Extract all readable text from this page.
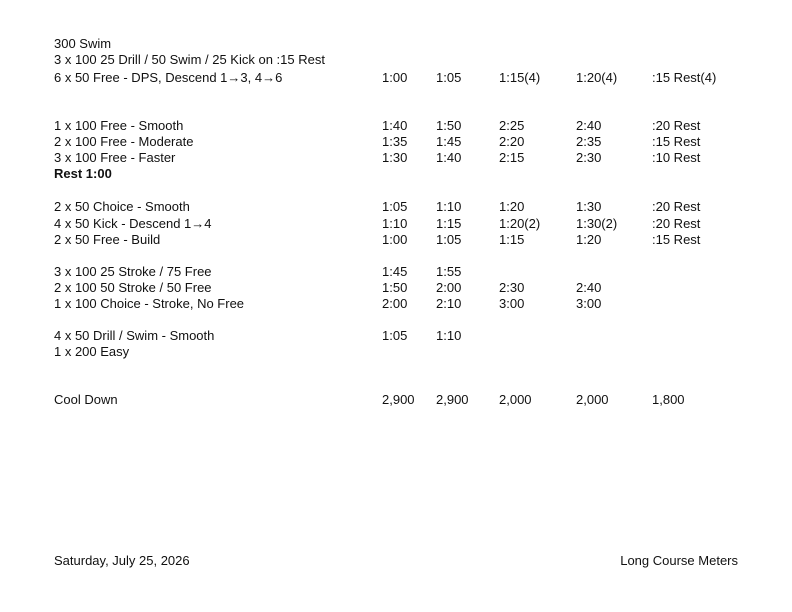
300 Swim
3 x 100 25 Drill / 50 Swim / 25 Kick on :15 Rest
6 x 50 Free - DPS, Descend 1→3, 4→6	1:00 1:05	1:15(4)	1:20(4)	:15 Rest(4)
1 x 100 Free - Smooth	1:40 1:50	2:25	2:40	:20 Rest
2 x 100 Free - Moderate	1:35 1:45	2:20	2:35	:15 Rest
3 x 100 Free - Faster	1:30 1:40	2:15	2:30	:10 Rest
Rest 1:00
2 x 50 Choice - Smooth	1:05 1:10	1:20	1:30	:20 Rest
4 x 50 Kick - Descend 1→4	1:10 1:15	1:20(2)	1:30(2)	:20 Rest
2 x 50 Free - Build	1:00 1:05	1:15	1:20	:15 Rest
3 x 100 25 Stroke / 75 Free	1:45 1:55
2 x 100 50 Stroke / 50 Free	1:50 2:00	2:30	2:40
1 x 100 Choice - Stroke, No Free	2:00 2:10	3:00	3:00
4 x 50 Drill / Swim - Smooth	1:05 1:10
1 x 200 Easy
Cool Down	2,900 2,900 2,000	2,000	1,800
Saturday, July 25, 2026	Long Course Meters
